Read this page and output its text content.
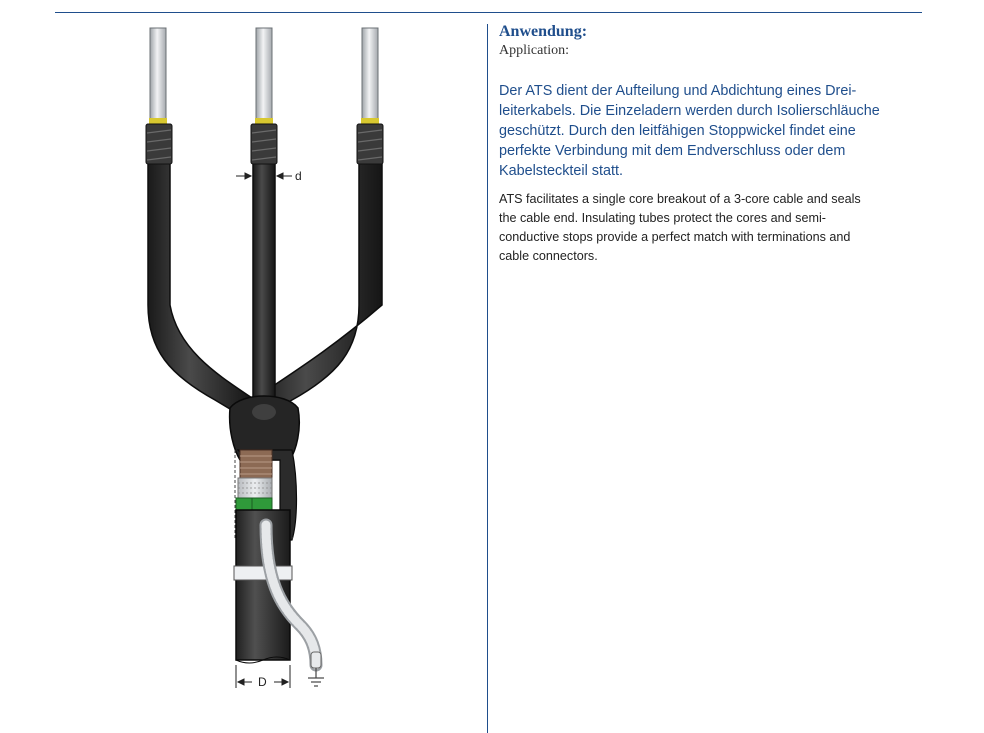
d
D

Anwendung:

Application:

Der ATS dient der Aufteilung und Abdichtung eines Drei-
leiterkabels. Die Einzeladern werden durch Isolierschläuche
geschützt. Durch den leitfähigen Stoppwickel findet eine
perfekte Verbindung mit dem Endverschluss oder dem
Kabelsteckteil statt.

ATS facilitates a single core breakout of a 3-core cable and seals
the cable end. Insulating tubes protect the cores and semi-
conductive stops provide a perfect match with terminations and
cable connectors.
